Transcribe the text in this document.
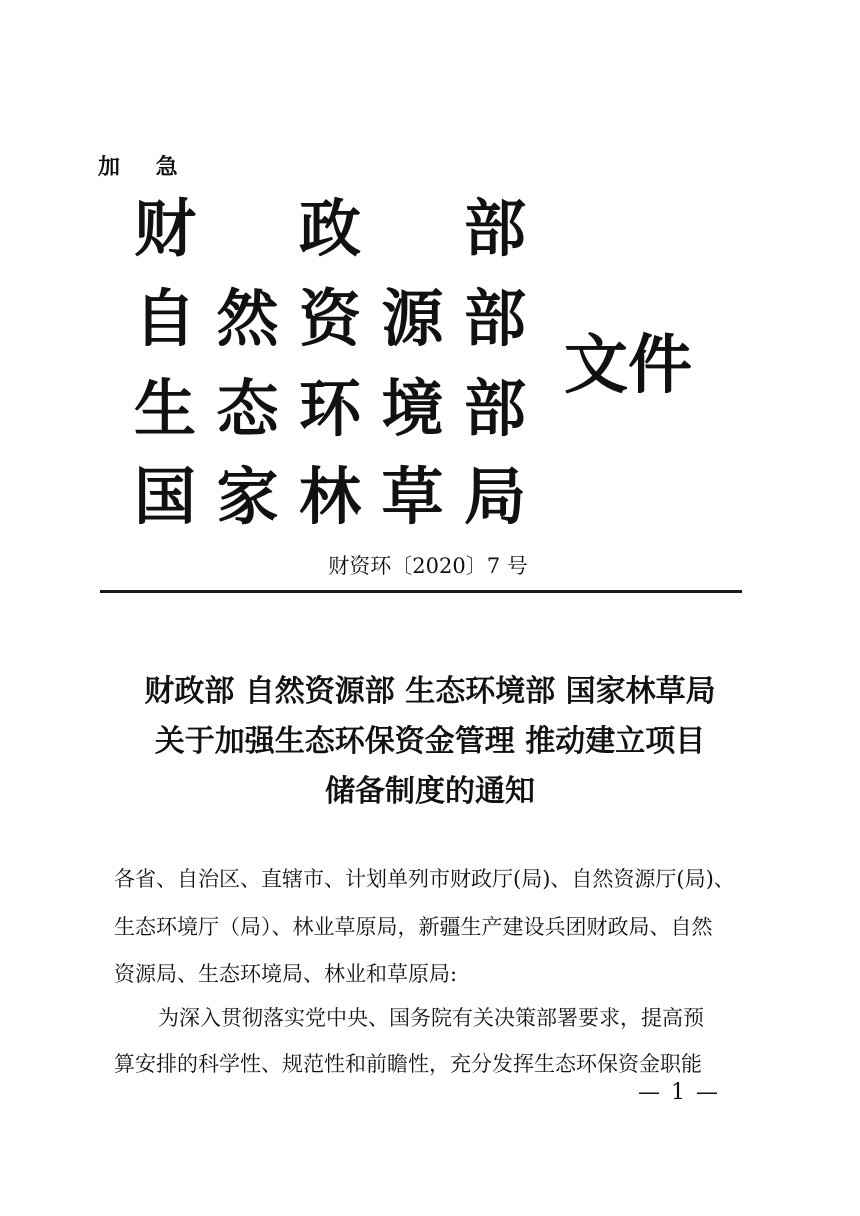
加 急
财 政 部
自 然 资 源 部
生 态 环 境 部
国 家 林 草 局
文件
财资环〔2020〕7 号
财政部 自然资源部 生态环境部 国家林草局
关于加强生态环保资金管理 推动建立项目
储备制度的通知
各省、自治区、直辖市、计划单列市财政厅(局)、自然资源厅(局)、
生态环境厅（局）、林业草原局，新疆生产建设兵团财政局、自然
资源局、生态环境局、林业和草原局:
为深入贯彻落实党中央、国务院有关决策部署要求，提高预
算安排的科学性、规范性和前瞻性，充分发挥生态环保资金职能
— 1 —
